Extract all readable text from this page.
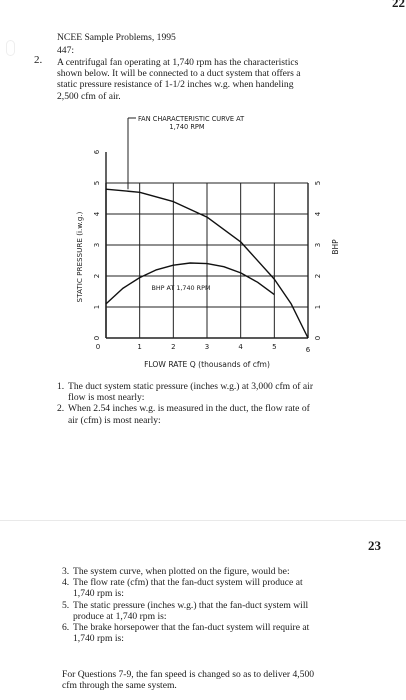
22
23
NCEE Sample Problems, 1995
447:
2. A centrifugal fan operating at 1,740 rpm has the characteristics
shown below. It will be connected to a duct system that offers a
static pressure resistance of 1-1/2 inches w.g. when handeling
2,500 cfm of air.
0
1
2
3
4
5
6
0
1
2
3
4
5
0	1	2	3	4	5	6
FAN CHARACTERISTIC CURVE AT
1,740 RPM
BHP AT 1,740 RPM
STATIC PRESSURE (i.w.g.)	BHP
FLOW RATE Q (thousands of cfm)
1. The duct system static pressure (inches w.g.) at 3,000 cfm of air
flow is most nearly:
2. When 2.54 inches w.g. is measured in the duct, the flow rate of
air (cfm) is most nearly:
3. The system curve, when plotted on the figure, would be:
4. The flow rate (cfm) that the fan-duct system will produce at
1,740 rpm is:
5. The static pressure (inches w.g.) that the fan-duct system will
produce at 1,740 rpm is:
6. The brake horsepower that the fan-duct system will require at
1,740 rpm is:
For Questions 7-9, the fan speed is changed so as to deliver 4,500
cfm through the same system.
